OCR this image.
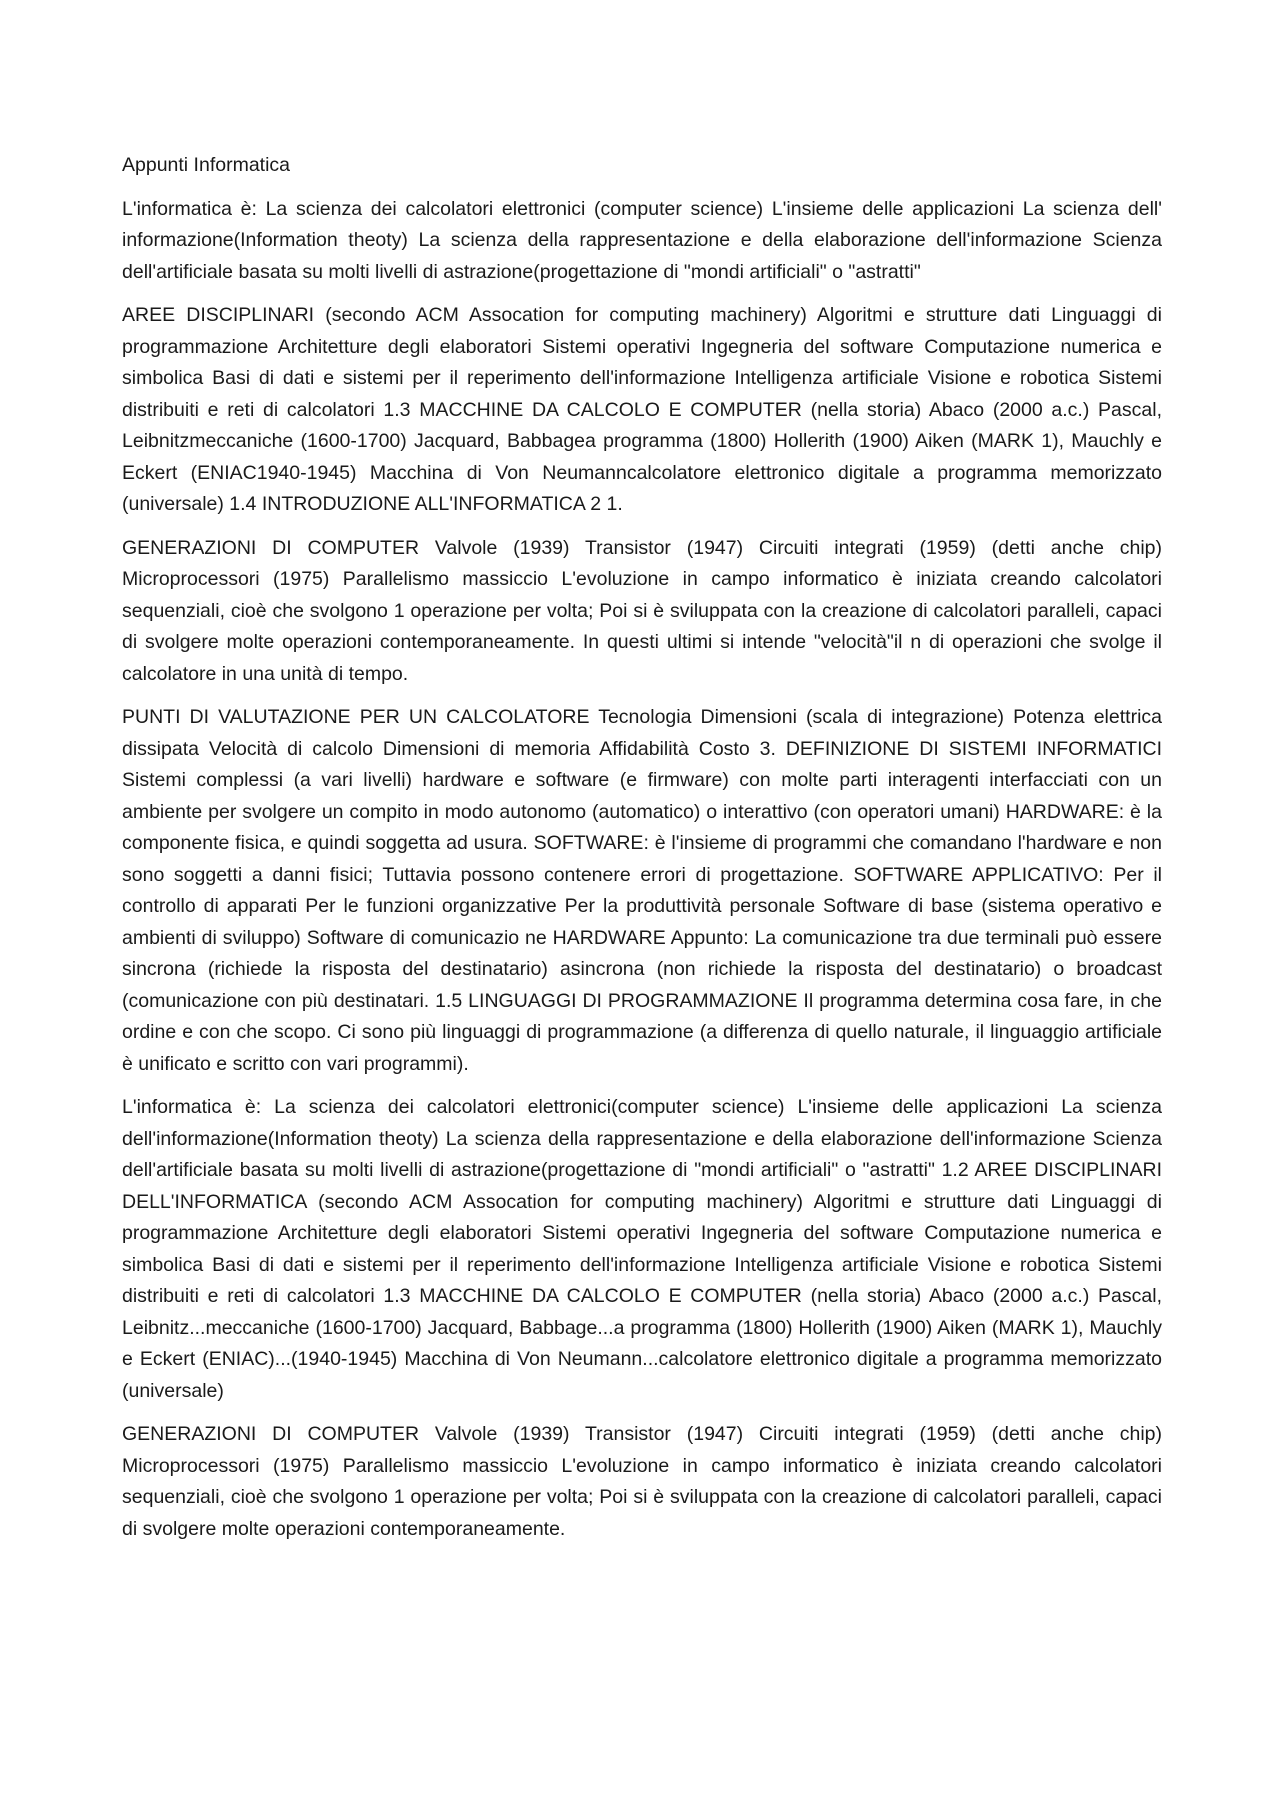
Appunti Informatica

L'informatica è: La scienza dei calcolatori elettronici (computer science) L'insieme delle applicazioni La scienza dell' informazione(Information theoty) La scienza della rappresentazione e della elaborazione dell'informazione Scienza dell'artificiale basata su molti livelli di astrazione(progettazione di "mondi artificiali" o "astratti"

AREE DISCIPLINARI (secondo ACM Assocation for computing machinery) Algoritmi e strutture dati Linguaggi di programmazione Architetture degli elaboratori Sistemi operativi Ingegneria del software Computazione numerica e simbolica Basi di dati e sistemi per il reperimento dell'informazione Intelligenza artificiale Visione e robotica Sistemi distribuiti e reti di calcolatori 1.3 MACCHINE DA CALCOLO E COMPUTER (nella storia) Abaco (2000 a.c.) Pascal, Leibnitzmeccaniche (1600-1700) Jacquard, Babbagea programma (1800) Hollerith (1900) Aiken (MARK 1), Mauchly e Eckert (ENIAC1940-1945) Macchina di Von Neumanncalcolatore elettronico digitale a programma memorizzato (universale) 1.4 INTRODUZIONE ALL'INFORMATICA 2 1.

GENERAZIONI DI COMPUTER Valvole (1939) Transistor (1947) Circuiti integrati (1959) (detti anche chip) Microprocessori (1975) Parallelismo massiccio L'evoluzione in campo informatico è iniziata creando calcolatori sequenziali, cioè che svolgono 1 operazione per volta; Poi si è sviluppata con la creazione di calcolatori paralleli, capaci di svolgere molte operazioni contemporaneamente. In questi ultimi si intende "velocità"il n di operazioni che svolge il calcolatore in una unità di tempo.

PUNTI DI VALUTAZIONE PER UN CALCOLATORE Tecnologia Dimensioni (scala di integrazione) Potenza elettrica dissipata Velocità di calcolo Dimensioni di memoria Affidabilità Costo 3. DEFINIZIONE DI SISTEMI INFORMATICI Sistemi complessi (a vari livelli) hardware e software (e firmware) con molte parti interagenti interfacciati con un ambiente per svolgere un compito in modo autonomo (automatico) o interattivo (con operatori umani) HARDWARE: è la componente fisica, e quindi soggetta ad usura. SOFTWARE: è l'insieme di programmi che comandano l'hardware e non sono soggetti a danni fisici; Tuttavia possono contenere errori di progettazione. SOFTWARE APPLICATIVO: Per il controllo di apparati Per le funzioni organizzative Per la produttività personale Software di base (sistema operativo e ambienti di sviluppo) Software di comunicazio ne HARDWARE Appunto: La comunicazione tra due terminali può essere sincrona (richiede la risposta del destinatario) asincrona (non richiede la risposta del destinatario) o broadcast (comunicazione con più destinatari. 1.5 LINGUAGGI DI PROGRAMMAZIONE Il programma determina cosa fare, in che ordine e con che scopo. Ci sono più linguaggi di programmazione (a differenza di quello naturale, il linguaggio artificiale è unificato e scritto con vari programmi).

L'informatica è: La scienza dei calcolatori elettronici(computer science) L'insieme delle applicazioni La scienza dell'informazione(Information theoty) La scienza della rappresentazione e della elaborazione dell'informazione Scienza dell'artificiale basata su molti livelli di astrazione(progettazione di "mondi artificiali" o "astratti" 1.2 AREE DISCIPLINARI DELL'INFORMATICA (secondo ACM Assocation for computing machinery) Algoritmi e strutture dati Linguaggi di programmazione Architetture degli elaboratori Sistemi operativi Ingegneria del software Computazione numerica e simbolica Basi di dati e sistemi per il reperimento dell'informazione Intelligenza artificiale Visione e robotica Sistemi distribuiti e reti di calcolatori 1.3 MACCHINE DA CALCOLO E COMPUTER (nella storia) Abaco (2000 a.c.) Pascal, Leibnitz...meccaniche (1600-1700) Jacquard, Babbage...a programma (1800) Hollerith (1900) Aiken (MARK 1), Mauchly e Eckert (ENIAC)...(1940-1945) Macchina di Von Neumann...calcolatore elettronico digitale a programma memorizzato (universale)

GENERAZIONI DI COMPUTER Valvole (1939) Transistor (1947) Circuiti integrati (1959) (detti anche chip) Microprocessori (1975) Parallelismo massiccio L'evoluzione in campo informatico è iniziata creando calcolatori sequenziali, cioè che svolgono 1 operazione per volta; Poi si è sviluppata con la creazione di calcolatori paralleli, capaci di svolgere molte operazioni contemporaneamente.
